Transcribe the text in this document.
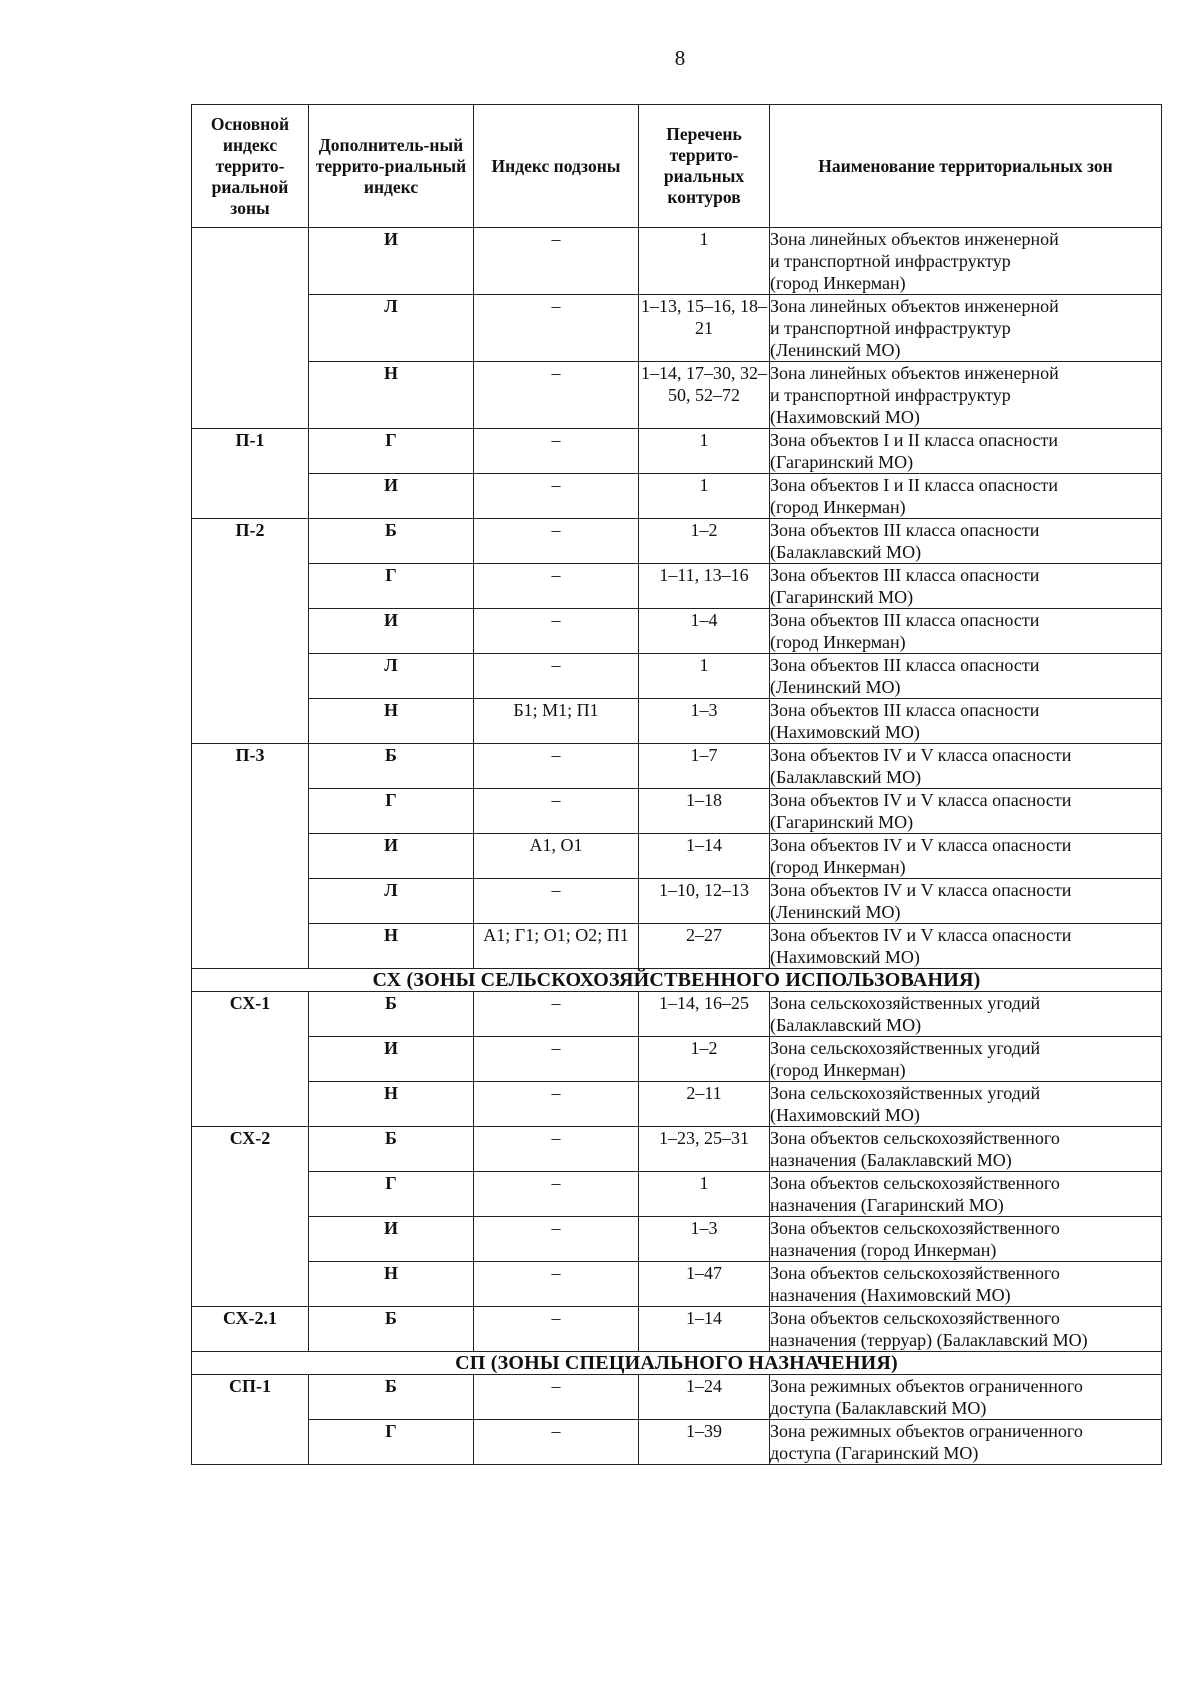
8
Основной индекс террито-риальной зоны	Дополнитель-ный террито-риальный индекс	Индекс подзоны	Перечень террито-риальных контуров	Наименование территориальных зон
	И	–	1	Зона линейных объектов инженерной
и транспортной инфраструктур
(город Инкерман)

	Л	–	1–13, 15–16, 18–21	Зона линейных объектов инженерной
и транспортной инфраструктур
(Ленинский МО)

	Н	–	1–14, 17–30, 32–50, 52–72	Зона линейных объектов инженерной
и транспортной инфраструктур
(Нахимовский МО)

П-1	Г	–	1	Зона объектов I и II класса опасности
(Гагаринский МО)

	И	–	1	Зона объектов I и II класса опасности
(город Инкерман)

П-2	Б	–	1–2	Зона объектов III класса опасности
(Балаклавский МО)

	Г	–	1–11, 13–16	Зона объектов III класса опасности
(Гагаринский МО)

	И	–	1–4	Зона объектов III класса опасности
(город Инкерман)

	Л	–	1	Зона объектов III класса опасности
(Ленинский МО)

	Н	Б1; М1; П1	1–3	Зона объектов III класса опасности
(Нахимовский МО)

П-3	Б	–	1–7	Зона объектов IV и V класса опасности
(Балаклавский МО)

	Г	–	1–18	Зона объектов IV и V класса опасности
(Гагаринский МО)

	И	А1, О1	1–14	Зона объектов IV и V класса опасности
(город Инкерман)

	Л	–	1–10, 12–13	Зона объектов IV и V класса опасности
(Ленинский МО)

	Н	А1; Г1; О1; О2; П1	2–27	Зона объектов IV и V класса опасности
(Нахимовский МО)

СХ (ЗОНЫ СЕЛЬСКОХОЗЯЙСТВЕННОГО ИСПОЛЬЗОВАНИЯ)				
СХ-1	Б	–	1–14, 16–25	Зона сельскохозяйственных угодий
(Балаклавский МО)

	И	–	1–2	Зона сельскохозяйственных угодий
(город Инкерман)

	Н	–	2–11	Зона сельскохозяйственных угодий
(Нахимовский МО)

СХ-2	Б	–	1–23, 25–31	Зона объектов сельскохозяйственного
назначения (Балаклавский МО)

	Г	–	1	Зона объектов сельскохозяйственного
назначения (Гагаринский МО)

	И	–	1–3	Зона объектов сельскохозяйственного
назначения (город Инкерман)

	Н	–	1–47	Зона объектов сельскохозяйственного
назначения (Нахимовский МО)

СХ-2.1	Б	–	1–14	Зона объектов сельскохозяйственного
назначения (терруар) (Балаклавский МО)

СП (ЗОНЫ СПЕЦИАЛЬНОГО НАЗНАЧЕНИЯ)				
СП-1	Б	–	1–24	Зона режимных объектов ограниченного
доступа (Балаклавский МО)

	Г	–	1–39	Зона режимных объектов ограниченного
доступа (Гагаринский МО)
